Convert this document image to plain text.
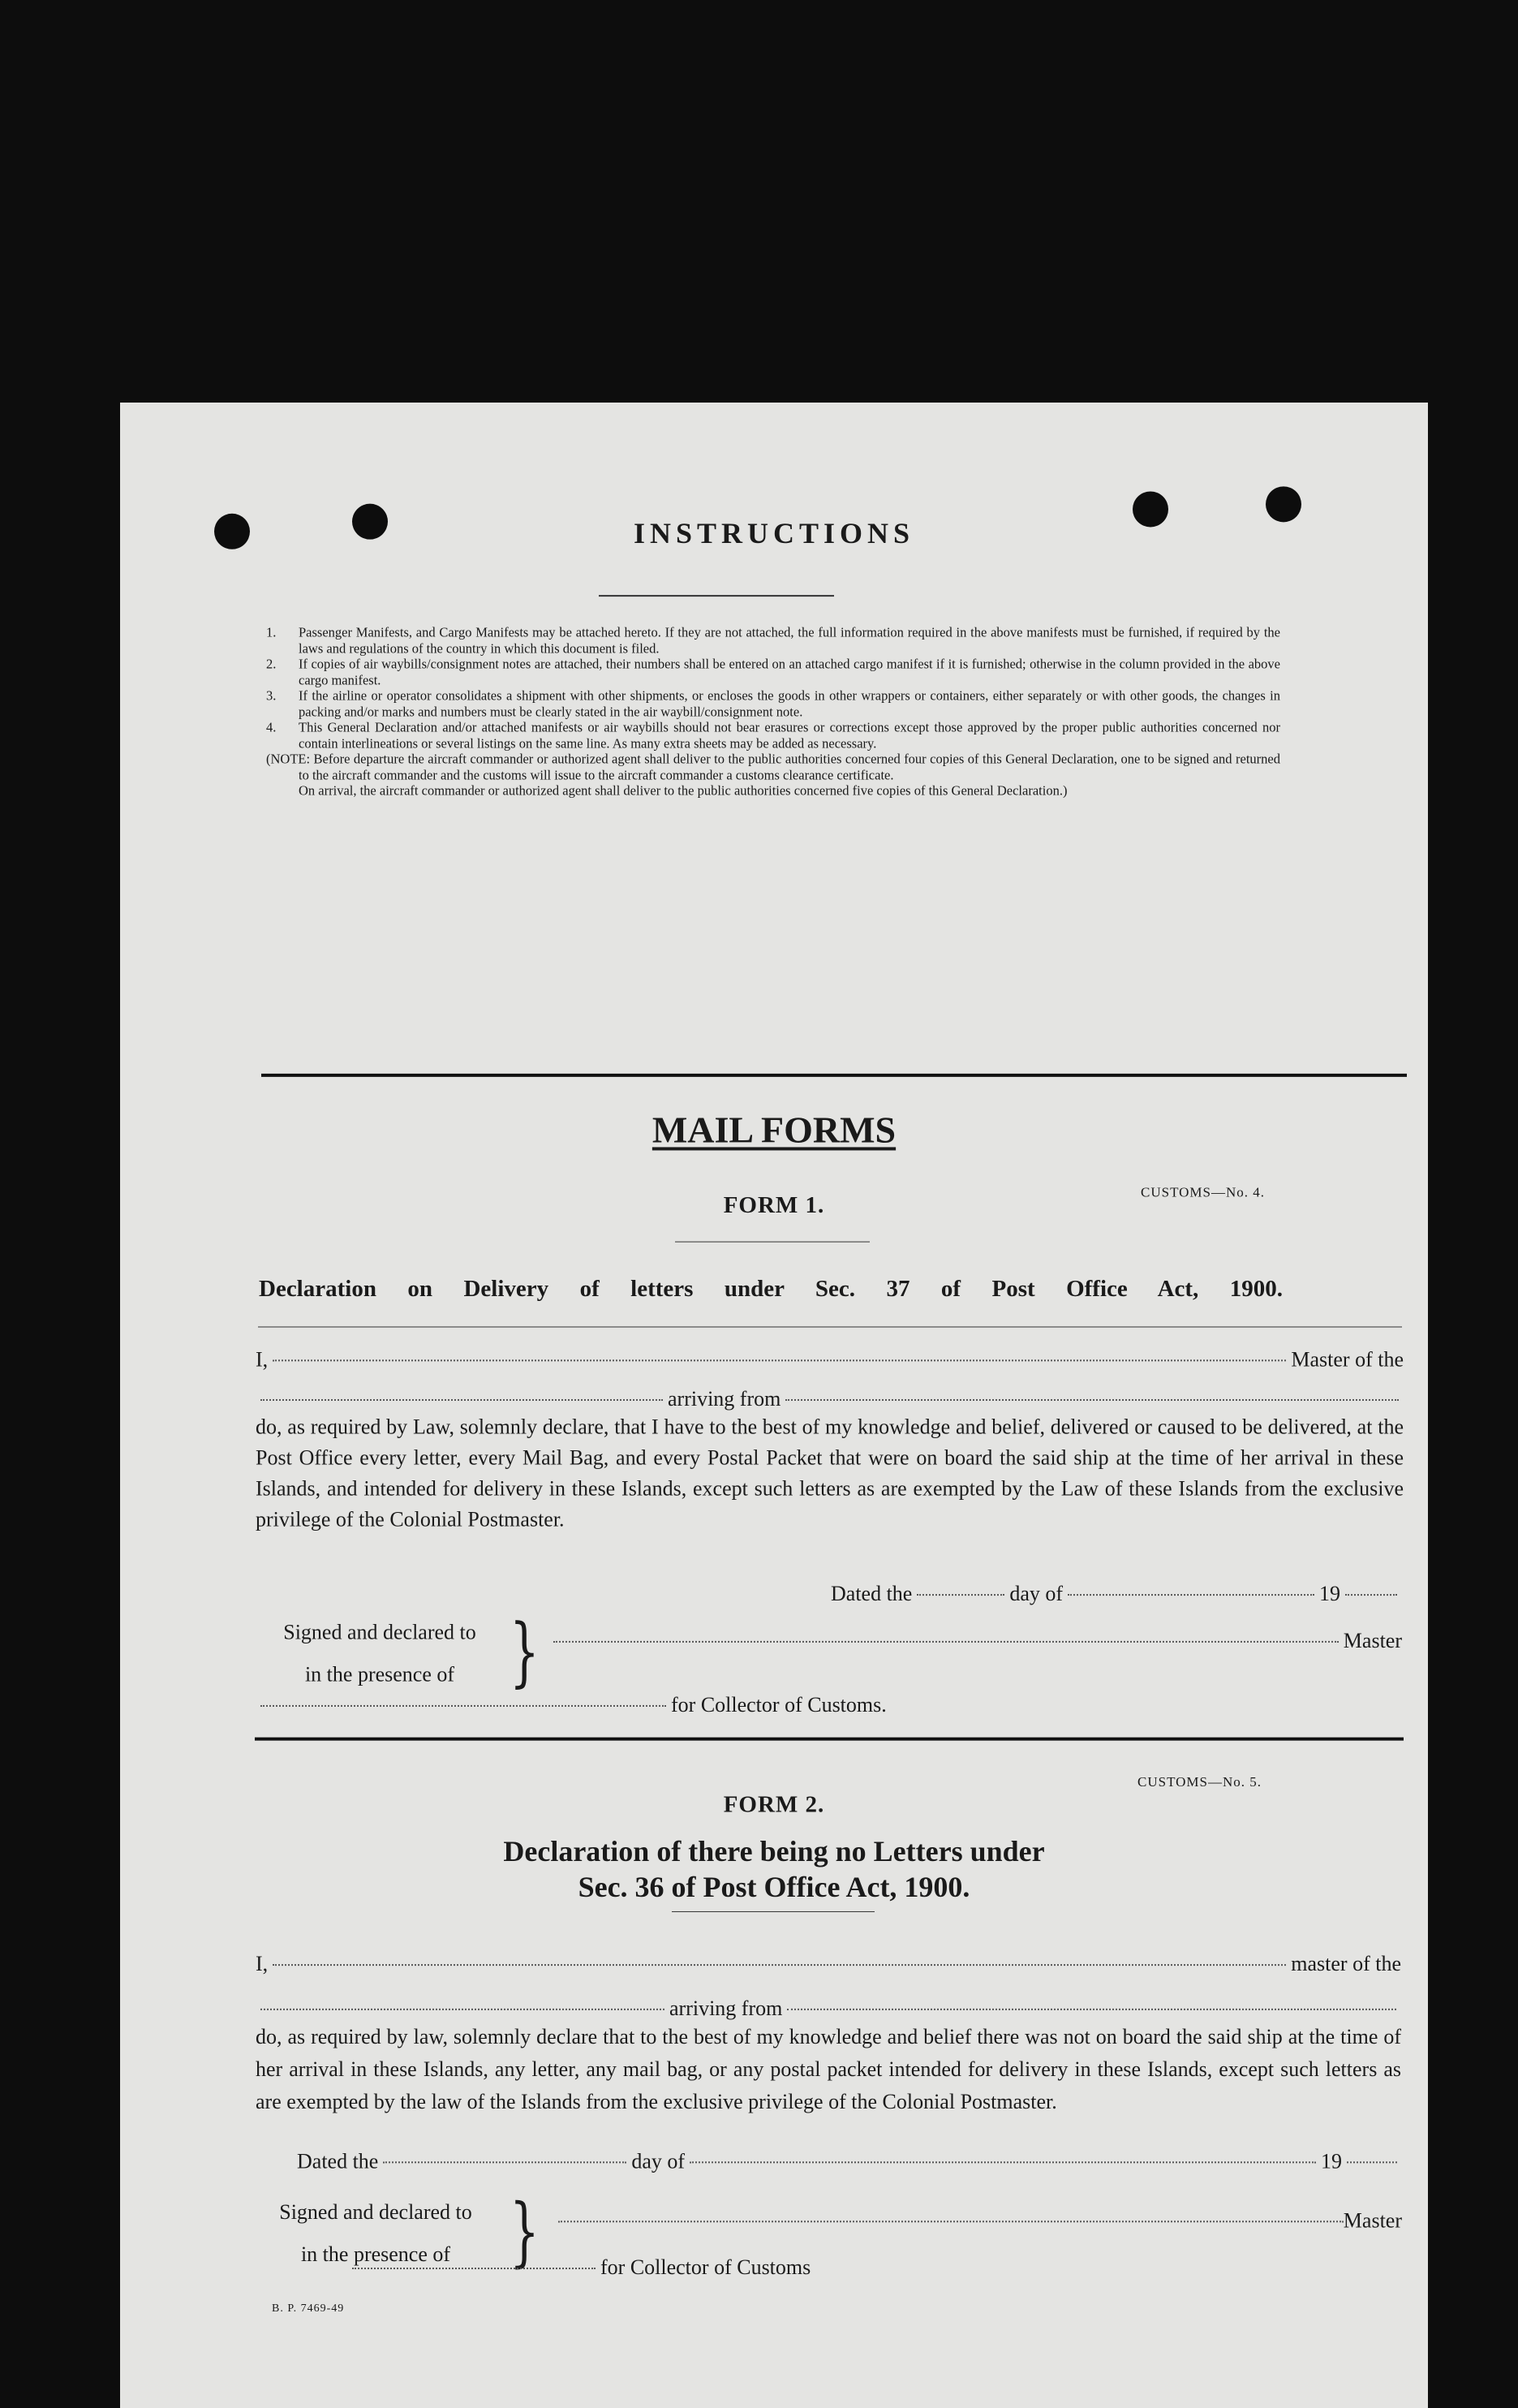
INSTRUCTIONS
1. Passenger Manifests, and Cargo Manifests may be attached hereto. If they are not attached, the full information required in the above manifests must be furnished, if required by the laws and regulations of the country in which this document is filed.
2. If copies of air waybills/consignment notes are attached, their numbers shall be entered on an attached cargo manifest if it is furnished; otherwise in the column provided in the above cargo manifest.
3. If the airline or operator consolidates a shipment with other shipments, or encloses the goods in other wrappers or containers, either separately or with other goods, the changes in packing and/or marks and numbers must be clearly stated in the air waybill/consignment note.
4. This General Declaration and/or attached manifests or air waybills should not bear erasures or corrections except those approved by the proper public authorities concerned nor contain interlineations or several listings on the same line. As many extra sheets may be added as necessary.
(NOTE: Before departure the aircraft commander or authorized agent shall deliver to the public authorities concerned four copies of this General Declaration, one to be signed and returned to the aircraft commander and the customs will issue to the aircraft commander a customs clearance certificate.
On arrival, the aircraft commander or authorized agent shall deliver to the public authorities concerned five copies of this General Declaration.)
MAIL FORMS
CUSTOMS—No. 4.
FORM 1.
Declaration on Delivery of letters under Sec. 37 of Post Office Act, 1900.
I,	Master of the
arriving from
do, as required by Law, solemnly declare, that I have to the best of my knowledge and belief, delivered or caused to be delivered, at the Post Office every letter, every Mail Bag, and every Postal Packet that were on board the said ship at the time of her arrival in these Islands, and intended for delivery in these Islands, except such letters as are exempted by the Law of these Islands from the exclusive privilege of the Colonial Postmaster.
Dated the	day of	19
Signed and declared to
in the presence of	}	Master
for Collector of Customs.
CUSTOMS—No. 5.
FORM 2.
Declaration of there being no Letters under
Sec. 36 of Post Office Act, 1900.
I,	master of the
arriving from
do, as required by law, solemnly declare that to the best of my knowledge and belief there was not on board the said ship at the time of her arrival in these Islands, any letter, any mail bag, or any postal packet intended for delivery in these Islands, except such letters as are exempted by the law of the Islands from the exclusive privilege of the Colonial Postmaster.
Dated the	day of	19
Signed and declared to
in the presence of	}	Master
for Collector of Customs
B. P. 7469-49
